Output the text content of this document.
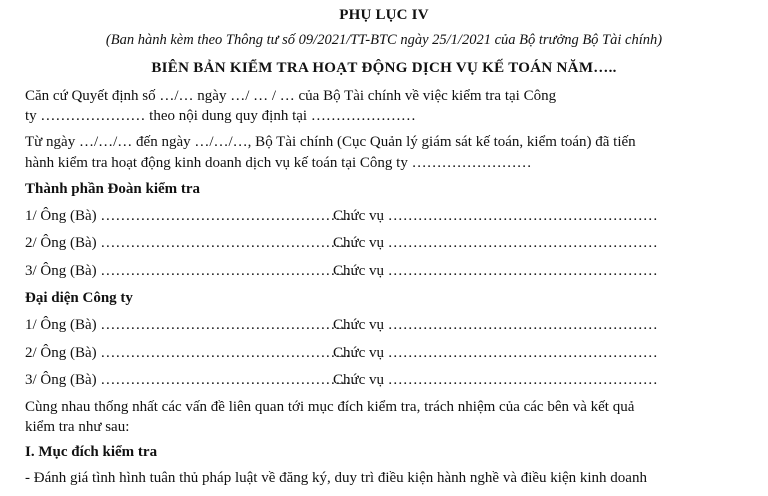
PHỤ LỤC IV
(Ban hành kèm theo Thông tư số 09/2021/TT-BTC ngày 25/1/2021 của Bộ trưởng Bộ Tài chính)
BIÊN BẢN KIỂM TRA HOẠT ĐỘNG DỊCH VỤ KẾ TOÁN NĂM…..
Căn cứ Quyết định số …/… ngày …/ … / … của Bộ Tài chính về việc kiểm tra tại Công
ty ………………… theo nội dung quy định tại …………………
Từ ngày …/…/… đến ngày …/…/…, Bộ Tài chính (Cục Quản lý giám sát kế toán, kiểm toán) đã tiến
hành kiểm tra hoạt động kinh doanh dịch vụ kế toán tại Công ty ……………………
Thành phần Đoàn kiểm tra
1/ Ông (Bà) ……………………………………………
Chức vụ ………………………………………………
2/ Ông (Bà) ……………………………………………
Chức vụ ………………………………………………
3/ Ông (Bà) ……………………………………………
Chức vụ ………………………………………………
Đại diện Công ty
1/ Ông (Bà) ……………………………………………
Chức vụ ………………………………………………
2/ Ông (Bà) ……………………………………………
Chức vụ ………………………………………………
3/ Ông (Bà) ……………………………………………
Chức vụ ………………………………………………
Cùng nhau thống nhất các vấn đề liên quan tới mục đích kiểm tra, trách nhiệm của các bên và kết quả
kiểm tra như sau:
I. Mục đích kiểm tra
- Đánh giá tình hình tuân thủ pháp luật về đăng ký, duy trì điều kiện hành nghề và điều kiện kinh doanh
